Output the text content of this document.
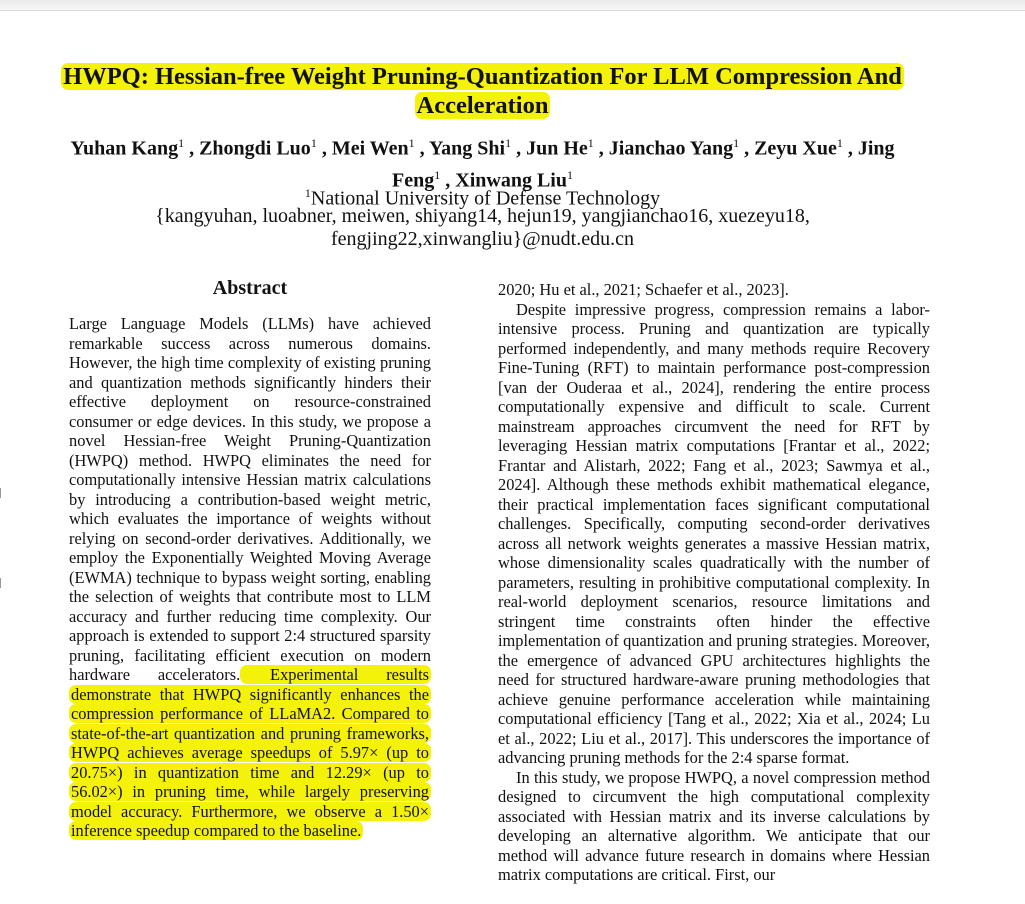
HWPQ: Hessian-free Weight Pruning-Quantization For LLM Compression And Acceleration
Yuhan Kang$^1$ , Zhongdi Luo$^1$ , Mei Wen$^1$ , Yang Shi$^1$ , Jun He$^1$ , Jianchao Yang$^1$ , Zeyu Xue$^1$ , Jing Feng$^1$ , Xinwang Liu$^1$
$^1$National University of Defense Technology
{kangyuhan, luoabner, meiwen, shiyang14, hejun19, yangjianchao16, xuezeyu18, fengjing22,xinwangliu}@nudt.edu.cn
Abstract

Large Language Models (LLMs) have achieved remarkable success across numerous domains. However, the high time complexity of existing pruning and quantization methods significantly hinders their effective deployment on resource-constrained consumer or edge devices. In this study, we propose a novel Hessian-free Weight Pruning-Quantization (HWPQ) method. HWPQ eliminates the need for computationally intensive Hessian matrix calculations by introducing a contribution-based weight metric, which evaluates the importance of weights without relying on second-order derivatives. Additionally, we employ the Exponentially Weighted Moving Average (EWMA) technique to bypass weight sorting, enabling the selection of weights that contribute most to LLM accuracy and further reducing time complexity. Our approach is extended to support 2:4 structured sparsity pruning, facilitating efficient execution on modern hardware accelerators. Experimental results demonstrate that HWPQ significantly enhances the compression performance of LLaMA2. Compared to state-of-the-art quantization and pruning frameworks, HWPQ achieves average speedups of 5.97× (up to 20.75×) in quantization time and 12.29× (up to 56.02×) in pruning time, while largely preserving model accuracy. Furthermore, we observe a 1.50× inference speedup compared to the baseline.

2020; Hu et al., 2021; Schaefer et al., 2023].

Despite impressive progress, compression remains a labor-intensive process. Pruning and quantization are typically performed independently, and many methods require Recovery Fine-Tuning (RFT) to maintain performance post-compression [van der Ouderaa et al., 2024], rendering the entire process computationally expensive and difficult to scale. Current mainstream approaches circumvent the need for RFT by leveraging Hessian matrix computations [Frantar et al., 2022; Frantar and Alistarh, 2022; Fang et al., 2023; Sawmya et al., 2024]. Although these methods exhibit mathematical elegance, their practical implementation faces significant computational challenges. Specifically, computing second-order derivatives across all network weights generates a massive Hessian matrix, whose dimensionality scales quadratically with the number of parameters, resulting in prohibitive computational complexity. In real-world deployment scenarios, resource limitations and stringent time constraints often hinder the effective implementation of quantization and pruning strategies. Moreover, the emergence of advanced GPU architectures highlights the need for structured hardware-aware pruning methodologies that achieve genuine performance acceleration while maintaining computational efficiency [Tang et al., 2022; Xia et al., 2024; Lu et al., 2022; Liu et al., 2017]. This underscores the importance of advancing pruning methods for the 2:4 sparse format.

In this study, we propose HWPQ, a novel compression method designed to circumvent the high computational complexity associated with Hessian matrix and its inverse calculations by developing an alternative algorithm. We anticipate that our method will advance future research in domains where Hessian matrix computations are critical. First, our
